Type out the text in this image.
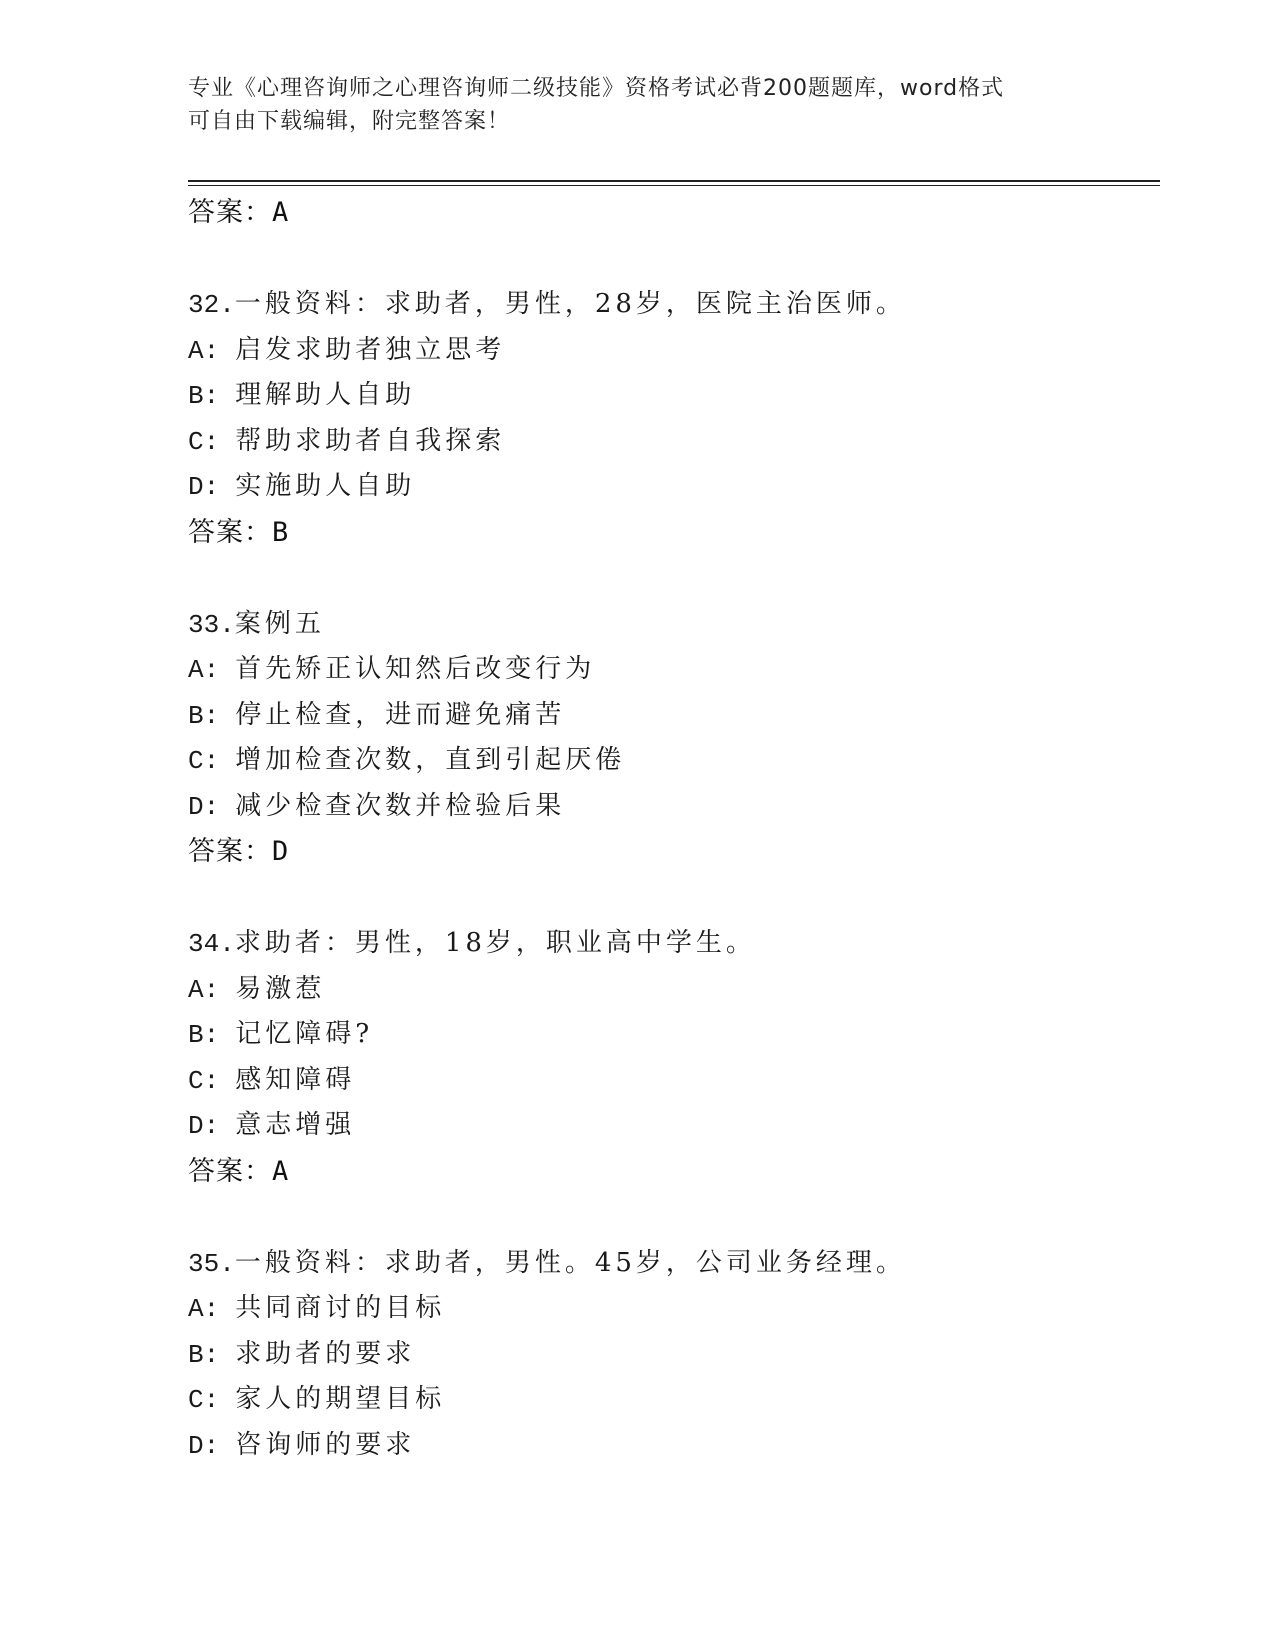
专业《心理咨询师之心理咨询师二级技能》资格考试必背200题题库，word格式
可自由下载编辑，附完整答案！
答案：A
32.一般资料：求助者，男性，28岁，医院主治医师。
A: 启发求助者独立思考
B: 理解助人自助
C: 帮助求助者自我探索
D: 实施助人自助
答案：B
33.案例五
A: 首先矫正认知然后改变行为
B: 停止检查，进而避免痛苦
C: 增加检查次数，直到引起厌倦
D: 减少检查次数并检验后果
答案：D
34.求助者：男性，18岁，职业高中学生。
A: 易激惹
B: 记忆障碍?
C: 感知障碍
D: 意志增强
答案：A
35.一般资料：求助者，男性。45岁，公司业务经理。
A: 共同商讨的目标
B: 求助者的要求
C: 家人的期望目标
D: 咨询师的要求
